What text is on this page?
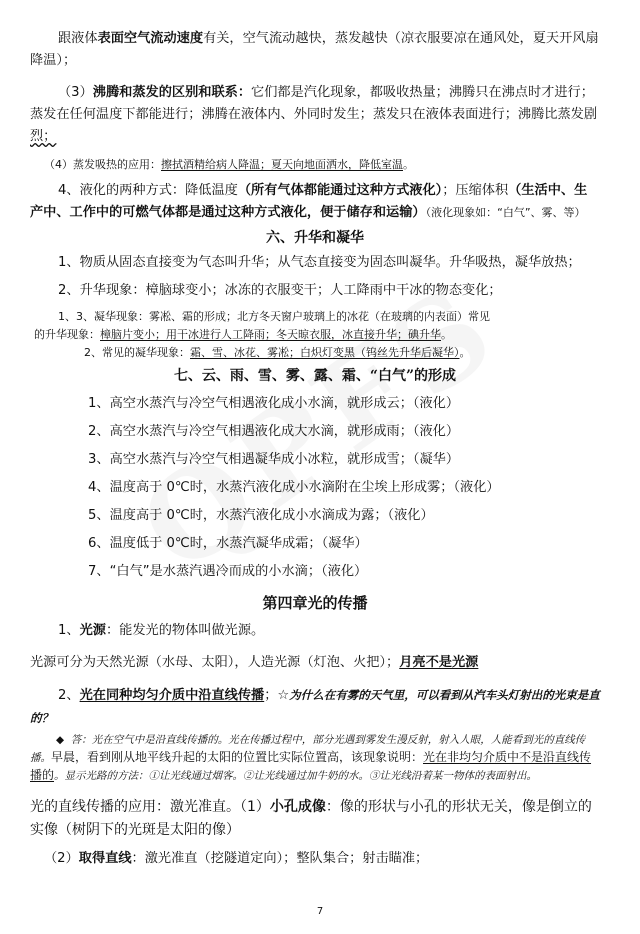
跟液体表面空气流动速度有关，空气流动越快，蒸发越快（凉衣服要凉在通风处，夏天开风扇降温）；

（3）沸腾和蒸发的区别和联系：它们都是汽化现象，都吸收热量；沸腾只在沸点时才进行；蒸发在任何温度下都能进行；沸腾在液体内、外同时发生；蒸发只在液体表面进行；沸腾比蒸发剧
烈；

（4）蒸发吸热的应用：擦拭酒精给病人降温；夏天向地面洒水，降低室温。

4、液化的两种方式：降低温度（所有气体都能通过这种方式液化）；压缩体积（生活中、生产中、工作中的可燃气体都是通过这种方式液化，便于储存和运输）（液化现象如：“白气”、雾、等）

六、升华和凝华

1、物质从固态直接变为气态叫升华；从气态直接变为固态叫凝华。升华吸热，凝华放热；

2、升华现象：樟脑球变小；冰冻的衣服变干；人工降雨中干冰的物态变化；

1、3、凝华现象：雾凇、霜的形成；北方冬天窗户玻璃上的冰花（在玻璃的内表面）常见

的升华现象：樟脑片变小；用干冰进行人工降雨；冬天晾衣服，冰直接升华；碘升华。

2、常见的凝华现象：霜、雪、冰花、雾凇；白炽灯变黑（钨丝先升华后凝华）。

七、云、雨、雪、雾、露、霜、“白气”的形成

1、高空水蒸汽与冷空气相遇液化成小水滴，就形成云；（液化）

2、高空水蒸汽与冷空气相遇液化成大水滴，就形成雨；（液化）

3、高空水蒸汽与冷空气相遇凝华成小冰粒，就形成雪；（凝华）

4、温度高于 0℃时，水蒸汽液化成小水滴附在尘埃上形成雾；（液化）

5、温度高于 0℃时，水蒸汽液化成小水滴成为露；（液化）

6、温度低于 0℃时，水蒸汽凝华成霜；（凝华）

7、“白气”是水蒸汽遇冷而成的小水滴；（液化）

第四章光的传播

1、光源：能发光的物体叫做光源。

光源可分为天然光源（水母、太阳），人造光源（灯泡、火把）；月亮不是光源

2、光在同种均匀介质中沿直线传播；☆为什么在有雾的天气里，可以看到从汽车头灯射出的光束是直的？

◆ 答：光在空气中是沿直线传播的。光在传播过程中，部分光遇到雾发生漫反射，射入人眼，人能看到光的直线传播。早晨，看到刚从地平线升起的太阳的位置比实际位置高，该现象说明：光在非均匀介质中不是沿直线传播的。显示光路的方法：①让光线通过烟客。②让光线通过加牛奶的水。③让光线沿着某一物体的表面射出。

光的直线传播的应用：激光准直。（1）小孔成像：像的形状与小孔的形状无关，像是倒立的实像（树阴下的光斑是太阳的像）

（2）取得直线：激光准直（挖隧道定向）；整队集合；射击瞄准；

7
